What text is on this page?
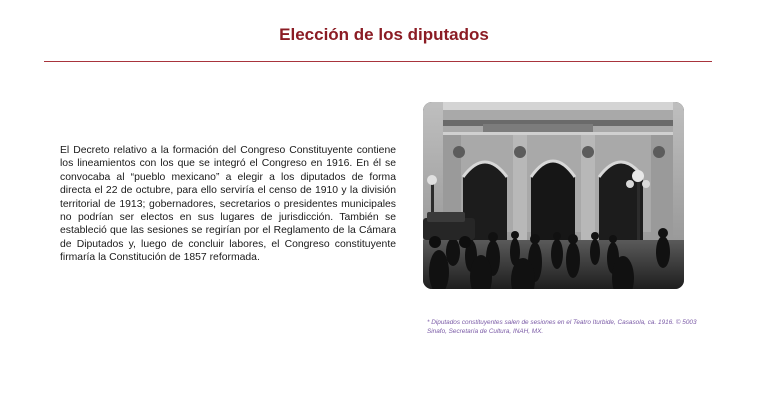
Elección de los diputados

El Decreto relativo a la formación del Congreso Constituyente contiene los lineamientos con los que se integró el Congreso en 1916. En él se convocaba al “pueblo mexicano” a elegir a los diputados de forma directa el 22 de octubre, para ello serviría el censo de 1910 y la división territorial de 1913; gobernadores, secretarios o presidentes municipales no podrían ser electos en sus lugares de jurisdicción. También se estableció que las sesiones se regirían por el Reglamento de la Cámara de Diputados y, luego de concluir labores, el Congreso constituyente firmaría la Constitución de 1857 reformada.

* Diputados constituyentes salen de sesiones en el Teatro Iturbide, Casasola, ca. 1916. © 5003 Sinafo, Secretaría de Cultura, INAH, MX.
